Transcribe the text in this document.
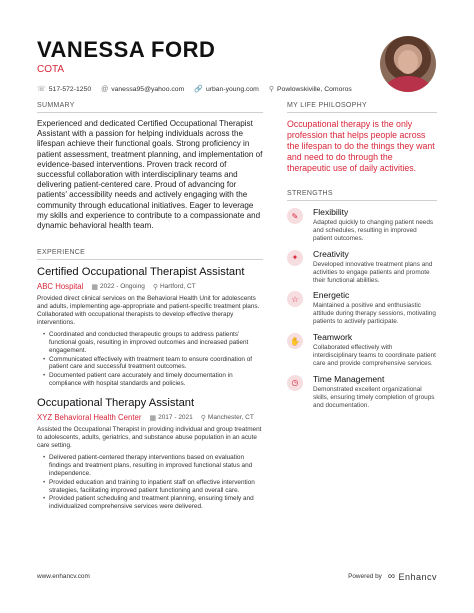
VANESSA FORD
COTA
☏ 517-572-1250 @ vanessa95@yahoo.com 🔗 urban-young.com ⚲ Powlowskiville, Comoros
SUMMARY
Experienced and dedicated Certified Occupational Therapist Assistant with a passion for helping individuals across the lifespan achieve their functional goals. Strong proficiency in patient assessment, treatment planning, and implementation of evidence-based interventions. Proven track record of successful collaboration with interdisciplinary teams and delivering patient-centered care. Proud of advancing for patients' accessibility needs and actively engaging with the community through educational initiatives. Eager to leverage my skills and experience to contribute to a compassionate and dynamic behavioral health team.
EXPERIENCE
Certified Occupational Therapist Assistant
ABC Hospital ▦ 2022 - Ongoing ⚲ Hartford, CT
Provided direct clinical services on the Behavioral Health Unit for adolescents and adults, implementing age-appropriate and patient-specific treatment plans. Collaborated with occupational therapists to develop effective therapy interventions.
• Coordinated and conducted therapeutic groups to address patients' functional goals, resulting in improved outcomes and increased patient engagement.
• Communicated effectively with treatment team to ensure coordination of patient care and successful treatment outcomes.
• Documented patient care accurately and timely documentation in compliance with hospital standards and policies.
Occupational Therapy Assistant
XYZ Behavioral Health Center ▦ 2017 - 2021 ⚲ Manchester, CT
Assisted the Occupational Therapist in providing individual and group treatment to adolescents, adults, geriatrics, and substance abuse population in an acute care setting.
• Delivered patient-centered therapy interventions based on evaluation findings and treatment plans, resulting in improved functional status and independence.
• Provided education and training to inpatient staff on effective intervention strategies, facilitating improved patient functioning and overall care.
• Provided patient scheduling and treatment planning, ensuring timely and individualized comprehensive services were delivered.
MY LIFE PHILOSOPHY
Occupational therapy is the only profession that helps people across the lifespan to do the things they want and need to do through the therapeutic use of daily activities.
STRENGTHS
✎	Flexibility
Adapted quickly to changing patient needs and schedules, resulting in improved patient outcomes.
✦	Creativity
Developed innovative treatment plans and activities to engage patients and promote their functional abilities.
☆	Energetic
Maintained a positive and enthusiastic attitude during therapy sessions, motivating patients to actively participate.
✋	Teamwork
Collaborated effectively with interdisciplinary teams to coordinate patient care and provide comprehensive services.
◷	Time Management
Demonstrated excellent organizational skills, ensuring timely completion of groups and documentation.
www.enhancv.com	Powered by ∞ Enhancv
